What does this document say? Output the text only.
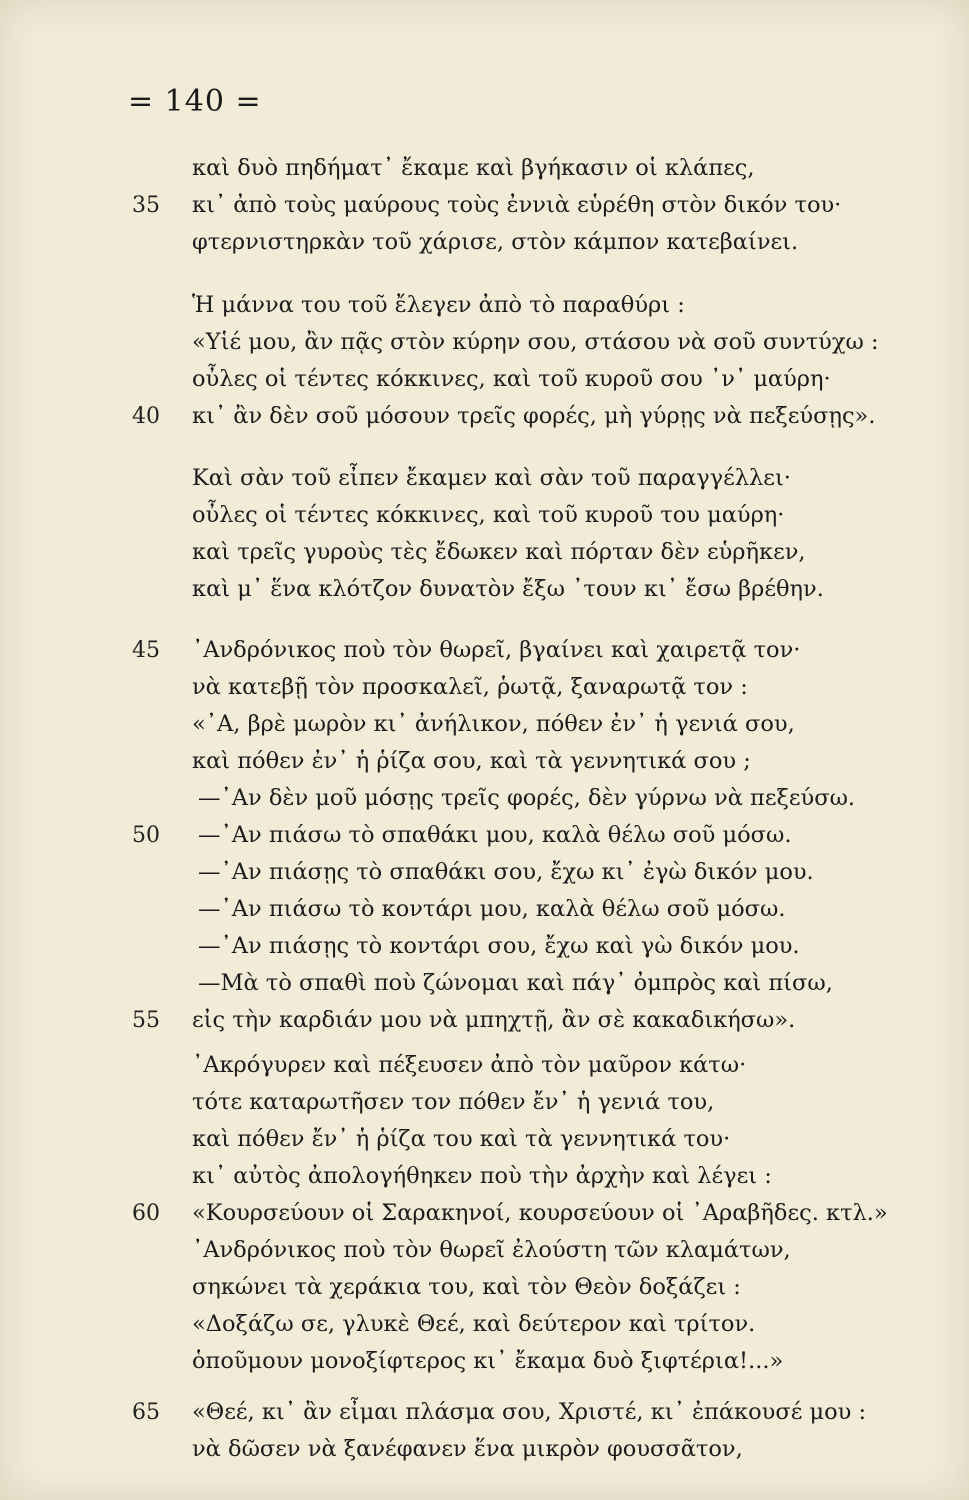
= 140 =
καὶ δυὸ πηδήματ᾽ ἔκαμε καὶ βγήκασιν οἱ κλάπες,
35	κι᾽ ἀπὸ τοὺς μαύρους τοὺς ἐννιὰ εὑρέθη στὸν δικόν του·
φτερνιστηρκὰν τοῦ χάρισε, στὸν κάμπον κατεβαίνει.
Ἡ μάννα του τοῦ ἔλεγεν ἀπὸ τὸ παραθύρι :
«Υἱέ μου, ἂν πᾷς στὸν κύρην σου, στάσου νὰ σοῦ συντύχω :
οὖλες οἱ τέντες κόκκινες, καὶ τοῦ κυροῦ σου ᾽ν᾽ μαύρη·
40	κι᾽ ἂν δὲν σοῦ μόσουν τρεῖς φορές, μὴ γύρῃς νὰ πεξεύσῃς».
Καὶ σὰν τοῦ εἶπεν ἔκαμεν καὶ σὰν τοῦ παραγγέλλει·
οὖλες οἱ τέντες κόκκινες, καὶ τοῦ κυροῦ του μαύρη·
καὶ τρεῖς γυροὺς τὲς ἔδωκεν καὶ πόρταν δὲν εὑρῆκεν,
καὶ μ᾽ ἕνα κλότζον δυνατὸν ἔξω ᾽τουν κι᾽ ἔσω βρέθην.
45	᾽Ανδρόνικος ποὺ τὸν θωρεῖ, βγαίνει καὶ χαιρετᾷ τον·
νὰ κατεβῇ τὸν προσκαλεῖ, ῥωτᾷ, ξαναρωτᾷ τον :
«᾽Α, βρὲ μωρὸν κι᾽ ἀνήλικον, πόθεν ἐν᾽ ἡ γενιά σου,
καὶ πόθεν ἐν᾽ ἡ ῥίζα σου, καὶ τὰ γεννητικά σου ;
—᾽Αν δὲν μοῦ μόσῃς τρεῖς φορές, δὲν γύρνω νὰ πεξεύσω.
50	—᾽Αν πιάσω τὸ σπαθάκι μου, καλὰ θέλω σοῦ μόσω.
—᾽Αν πιάσῃς τὸ σπαθάκι σου, ἔχω κι᾽ ἐγὼ δικόν μου.
—᾽Αν πιάσω τὸ κοντάρι μου, καλὰ θέλω σοῦ μόσω.
—᾽Αν πιάσῃς τὸ κοντάρι σου, ἔχω καὶ γὼ δικόν μου.
—Μὰ τὸ σπαθὶ ποὺ ζώνομαι καὶ πάγ᾽ ὀμπρὸς καὶ πίσω,
55	εἰς τὴν καρδιάν μου νὰ μπηχτῇ, ἂν σὲ κακαδικήσω».
᾽Ακρόγυρεν καὶ πέξευσεν ἀπὸ τὸν μαῦρον κάτω·
τότε καταρωτῆσεν τον πόθεν ἔν᾽ ἡ γενιά του,
καὶ πόθεν ἔν᾽ ἡ ῥίζα του καὶ τὰ γεννητικά του·
κι᾽ αὐτὸς ἀπολογήθηκεν ποὺ τὴν ἀρχὴν καὶ λέγει :
60	«Κουρσεύουν οἱ Σαρακηνοί, κουρσεύουν οἱ ᾽Αραβῆδες. κτλ.»
᾽Ανδρόνικος ποὺ τὸν θωρεῖ ἐλούστη τῶν κλαμάτων,
σηκώνει τὰ χεράκια του, καὶ τὸν Θεὸν δοξάζει :
«Δοξάζω σε, γλυκὲ Θεέ, καὶ δεύτερον καὶ τρίτον.
ὁποῦμουν μονοξίφτερος κι᾽ ἔκαμα δυὸ ξιφτέρια!...»
65	«Θεέ, κι᾽ ἂν εἶμαι πλάσμα σου, Χριστέ, κι᾽ ἐπάκουσέ μου :
νὰ δῶσεν νὰ ξανέφανεν ἕνα μικρὸν φουσσᾶτον,
